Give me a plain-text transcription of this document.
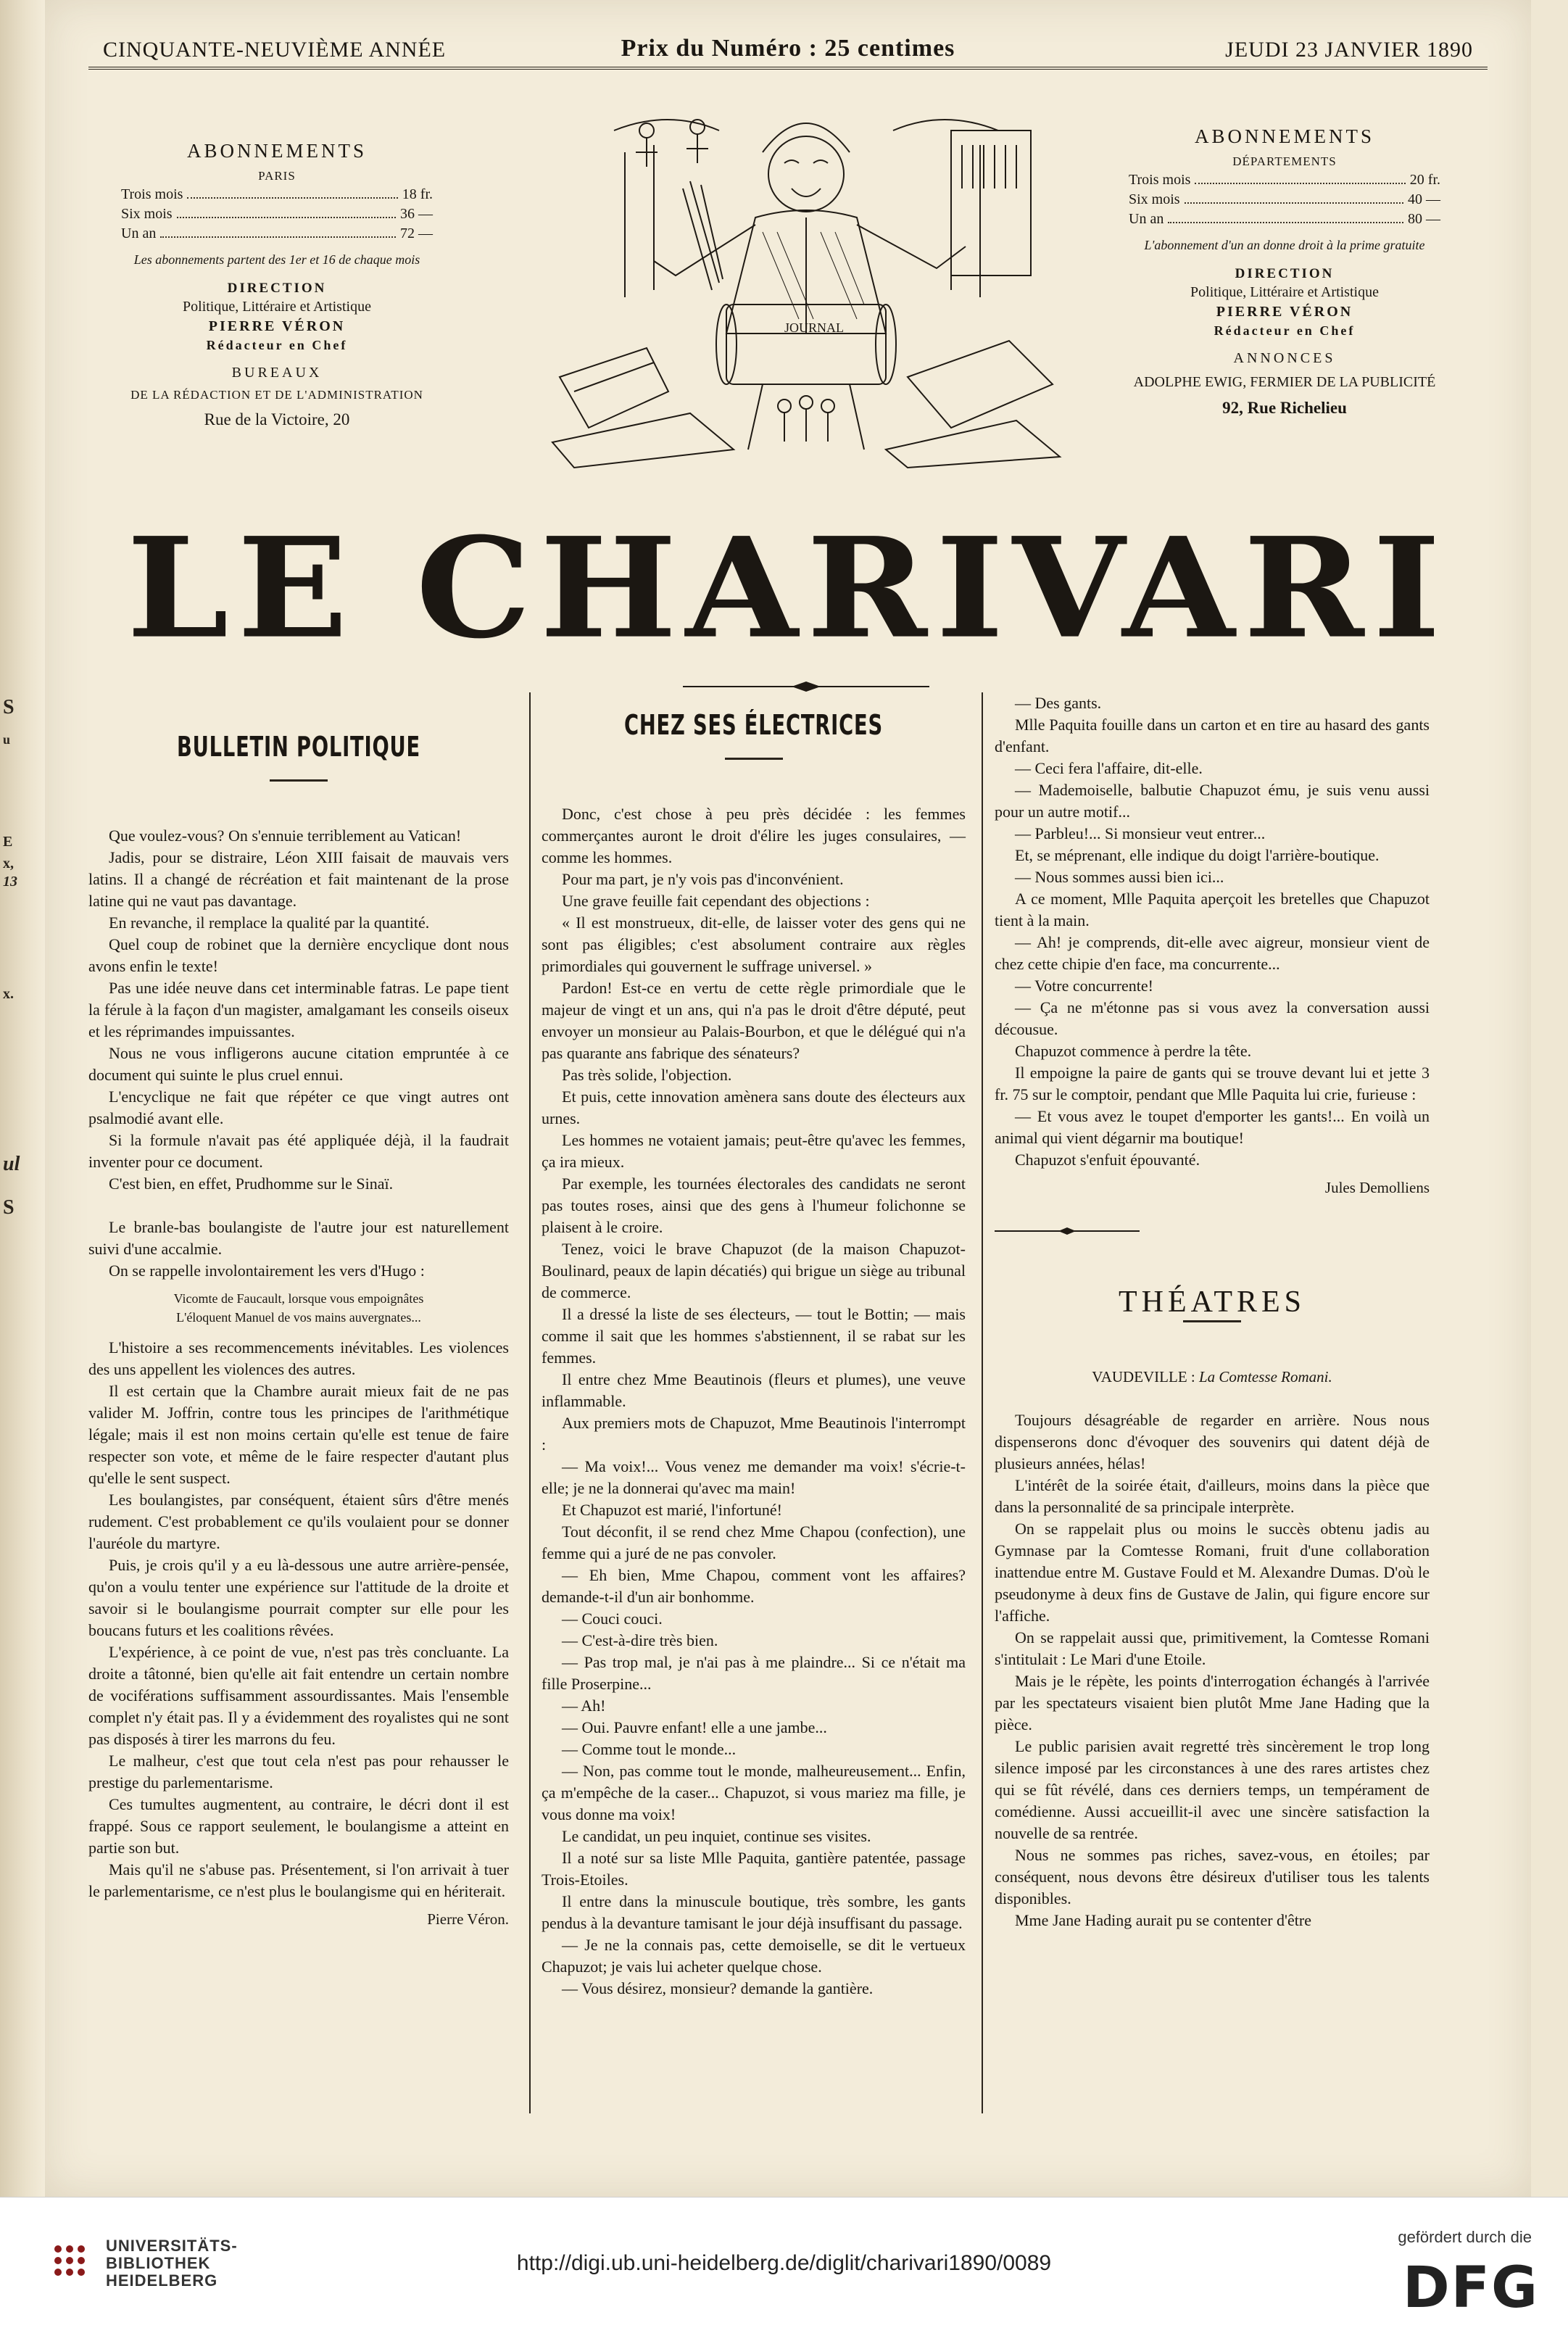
S
u
E
x,
13
x.
ul
S
CINQUANTE-NEUVIÈME ANNÉE	Prix du Numéro : 25 centimes	JEUDI 23 JANVIER 1890
ABONNEMENTS
PARIS
Trois mois	18 fr.
Six mois	36 —
Un an	72 —
Les abonnements partent des 1er et 16 de chaque mois
DIRECTION
Politique, Littéraire et Artistique
PIERRE VÉRON
Rédacteur en Chef
BUREAUX
DE LA RÉDACTION ET DE L'ADMINISTRATION
Rue de la Victoire, 20
ABONNEMENTS
DÉPARTEMENTS
Trois mois	20 fr.
Six mois	40 —
Un an	80 —
L'abonnement d'un an donne droit à la prime gratuite
DIRECTION
Politique, Littéraire et Artistique
PIERRE VÉRON
Rédacteur en Chef
ANNONCES
ADOLPHE EWIG, FERMIER DE LA PUBLICITÉ
92, Rue Richelieu
JOURNAL
LE CHARIVARI
BULLETIN POLITIQUE

Que voulez-vous? On s'ennuie terriblement au Vatican!

Jadis, pour se distraire, Léon XIII faisait de mauvais vers latins. Il a changé de récréation et fait maintenant de la prose latine qui ne vaut pas davantage.

En revanche, il remplace la qualité par la quantité.

Quel coup de robinet que la dernière encyclique dont nous avons enfin le texte!

Pas une idée neuve dans cet interminable fatras. Le pape tient la férule à la façon d'un magister, amalgamant les conseils oiseux et les réprimandes impuissantes.

Nous ne vous infligerons aucune citation empruntée à ce document qui suinte le plus cruel ennui.

L'encyclique ne fait que répéter ce que vingt autres ont psalmodié avant elle.

Si la formule n'avait pas été appliquée déjà, il la faudrait inventer pour ce document.

C'est bien, en effet, Prudhomme sur le Sinaï.

Le branle-bas boulangiste de l'autre jour est naturellement suivi d'une accalmie.

On se rappelle involontairement les vers d'Hugo :

Vicomte de Faucault, lorsque vous empoignâtes
L'éloquent Manuel de vos mains auvergnates...

L'histoire a ses recommencements inévitables. Les violences des uns appellent les violences des autres.

Il est certain que la Chambre aurait mieux fait de ne pas valider M. Joffrin, contre tous les principes de l'arithmétique légale; mais il est non moins certain qu'elle est tenue de faire respecter son vote, et même de le faire respecter d'autant plus qu'elle le sent suspect.

Les boulangistes, par conséquent, étaient sûrs d'être menés rudement. C'est probablement ce qu'ils voulaient pour se donner l'auréole du martyre.

Puis, je crois qu'il y a eu là-dessous une autre arrière-pensée, qu'on a voulu tenter une expérience sur l'attitude de la droite et savoir si le boulangisme pourrait compter sur elle pour les boucans futurs et les coalitions rêvées.

L'expérience, à ce point de vue, n'est pas très concluante. La droite a tâtonné, bien qu'elle ait fait entendre un certain nombre de vociférations suffisamment assourdissantes. Mais l'ensemble complet n'y était pas. Il y a évidemment des royalistes qui ne sont pas disposés à tirer les marrons du feu.

Le malheur, c'est que tout cela n'est pas pour rehausser le prestige du parlementarisme.

Ces tumultes augmentent, au contraire, le décri dont il est frappé. Sous ce rapport seulement, le boulangisme a atteint en partie son but.

Mais qu'il ne s'abuse pas. Présentement, si l'on arrivait à tuer le parlementarisme, ce n'est plus le boulangisme qui en hériterait.

Pierre Véron.
CHEZ SES ÉLECTRICES

Donc, c'est chose à peu près décidée : les femmes commerçantes auront le droit d'élire les juges consulaires, — comme les hommes.

Pour ma part, je n'y vois pas d'inconvénient.

Une grave feuille fait cependant des objections :

« Il est monstrueux, dit-elle, de laisser voter des gens qui ne sont pas éligibles; c'est absolument contraire aux règles primordiales qui gouvernent le suffrage universel. »

Pardon! Est-ce en vertu de cette règle primordiale que le majeur de vingt et un ans, qui n'a pas le droit d'être député, peut envoyer un monsieur au Palais-Bourbon, et que le délégué qui n'a pas quarante ans fabrique des sénateurs?

Pas très solide, l'objection.

Et puis, cette innovation amènera sans doute des électeurs aux urnes.

Les hommes ne votaient jamais; peut-être qu'avec les femmes, ça ira mieux.

Par exemple, les tournées électorales des candidats ne seront pas toutes roses, ainsi que des gens à l'humeur folichonne se plaisent à le croire.

Tenez, voici le brave Chapuzot (de la maison Chapuzot-Boulinard, peaux de lapin décatiés) qui brigue un siège au tribunal de commerce.

Il a dressé la liste de ses électeurs, — tout le Bottin; — mais comme il sait que les hommes s'abstiennent, il se rabat sur les femmes.

Il entre chez Mme Beautinois (fleurs et plumes), une veuve inflammable.

Aux premiers mots de Chapuzot, Mme Beautinois l'interrompt :

— Ma voix!... Vous venez me demander ma voix! s'écrie-t-elle; je ne la donnerai qu'avec ma main!

Et Chapuzot est marié, l'infortuné!

Tout déconfit, il se rend chez Mme Chapou (confection), une femme qui a juré de ne pas convoler.

— Eh bien, Mme Chapou, comment vont les affaires? demande-t-il d'un air bonhomme.

— Couci couci.

— C'est-à-dire très bien.

— Pas trop mal, je n'ai pas à me plaindre... Si ce n'était ma fille Proserpine...

— Ah!

— Oui. Pauvre enfant! elle a une jambe...

— Comme tout le monde...

— Non, pas comme tout le monde, malheureusement... Enfin, ça m'empêche de la caser... Chapuzot, si vous mariez ma fille, je vous donne ma voix!

Le candidat, un peu inquiet, continue ses visites.

Il a noté sur sa liste Mlle Paquita, gantière patentée, passage Trois-Etoiles.

Il entre dans la minuscule boutique, très sombre, les gants pendus à la devanture tamisant le jour déjà insuffisant du passage.

— Je ne la connais pas, cette demoiselle, se dit le vertueux Chapuzot; je vais lui acheter quelque chose.

— Vous désirez, monsieur? demande la gantière.

— Des gants.

Mlle Paquita fouille dans un carton et en tire au hasard des gants d'enfant.

— Ceci fera l'affaire, dit-elle.

— Mademoiselle, balbutie Chapuzot ému, je suis venu aussi pour un autre motif...

— Parbleu!... Si monsieur veut entrer...

Et, se méprenant, elle indique du doigt l'arrière-boutique.

— Nous sommes aussi bien ici...

A ce moment, Mlle Paquita aperçoit les bretelles que Chapuzot tient à la main.

— Ah! je comprends, dit-elle avec aigreur, monsieur vient de chez cette chipie d'en face, ma concurrente...

— Votre concurrente!

— Ça ne m'étonne pas si vous avez la conversation aussi décousue.

Chapuzot commence à perdre la tête.

Il empoigne la paire de gants qui se trouve devant lui et jette 3 fr. 75 sur le comptoir, pendant que Mlle Paquita lui crie, furieuse :

— Et vous avez le toupet d'emporter les gants!... En voilà un animal qui vient dégarnir ma boutique!

Chapuzot s'enfuit épouvanté.

Jules Demolliens
THÉATRES
VAUDEVILLE : La Comtesse Romani.

Toujours désagréable de regarder en arrière. Nous nous dispenserons donc d'évoquer des souvenirs qui datent déjà de plusieurs années, hélas!

L'intérêt de la soirée était, d'ailleurs, moins dans la pièce que dans la personnalité de sa principale interprète.

On se rappelait plus ou moins le succès obtenu jadis au Gymnase par la Comtesse Romani, fruit d'une collaboration inattendue entre M. Gustave Fould et M. Alexandre Dumas. D'où le pseudonyme à deux fins de Gustave de Jalin, qui figure encore sur l'affiche.

On se rappelait aussi que, primitivement, la Comtesse Romani s'intitulait : Le Mari d'une Etoile.

Mais je le répète, les points d'interrogation échangés à l'arrivée par les spectateurs visaient bien plutôt Mme Jane Hading que la pièce.

Le public parisien avait regretté très sincèrement le trop long silence imposé par les circonstances à une des rares artistes chez qui se fût révélé, dans ces derniers temps, un tempérament de comédienne. Aussi accueillit-il avec une sincère satisfaction la nouvelle de sa rentrée.

Nous ne sommes pas riches, savez-vous, en étoiles; par conséquent, nous devons être désireux d'utiliser tous les talents disponibles.

Mme Jane Hading aurait pu se contenter d'être

UNIVERSITÄTS-
BIBLIOTHEK
HEIDELBERG
http://digi.ub.uni-heidelberg.de/diglit/charivari1890/0089
gefördert durch die
DFG
